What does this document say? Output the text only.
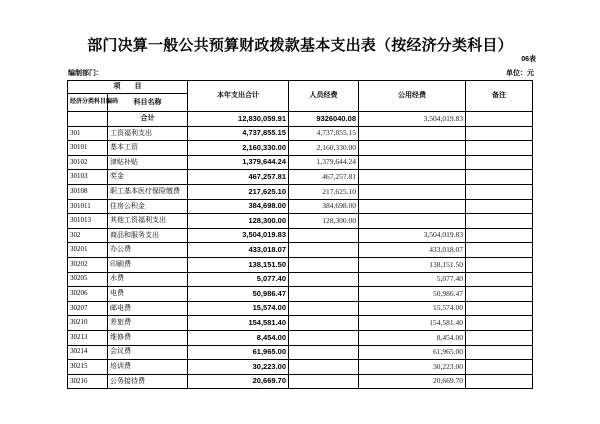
部门决算一般公共预算财政拨款基本支出表（按经济分类科目）
06表
编制部门:	单位：元
项　　目		本年支出合计	人员经费	公用经费	备注
经济分类科目编码	科目名称				
	合计	12,830,059.91	9326040.08	3,504,019.83	
301	工资福利支出	4,737,855.15	4,737,855.15		
30101	基本工资	2,160,330.00	2,160,330.00		
30102	津贴补贴	1,379,644.24	1,379,644.24		
30103	奖金	467,257.81	467,257.81		
30108	职工基本医疗保险缴费	217,625.10	217,625.10		
301011	住房公积金	384,698.00	384,698.00		
301013	其他工资福利支出	128,300.00	128,300.00		
302	商品和服务支出	3,504,019.83		3,504,019.83	
30201	办公费	433,018.07		433,018.07	
30202	印刷费	138,151.50		138,151.50	
30205	水费	5,077.40		5,077.40	
30206	电费	50,986.47		50,986.47	
30207	邮电费	15,574.00		15,574.00	
30210	差旅费	154,581.40		154,581.40	
30213	维修费	8,454.00		8,454.00	
30214	会议费	61,965.00		61,965.00	
30215	培训费	30,223.00		30,223.00	
30216	公务接待费	20,669.70		20,669.70	
